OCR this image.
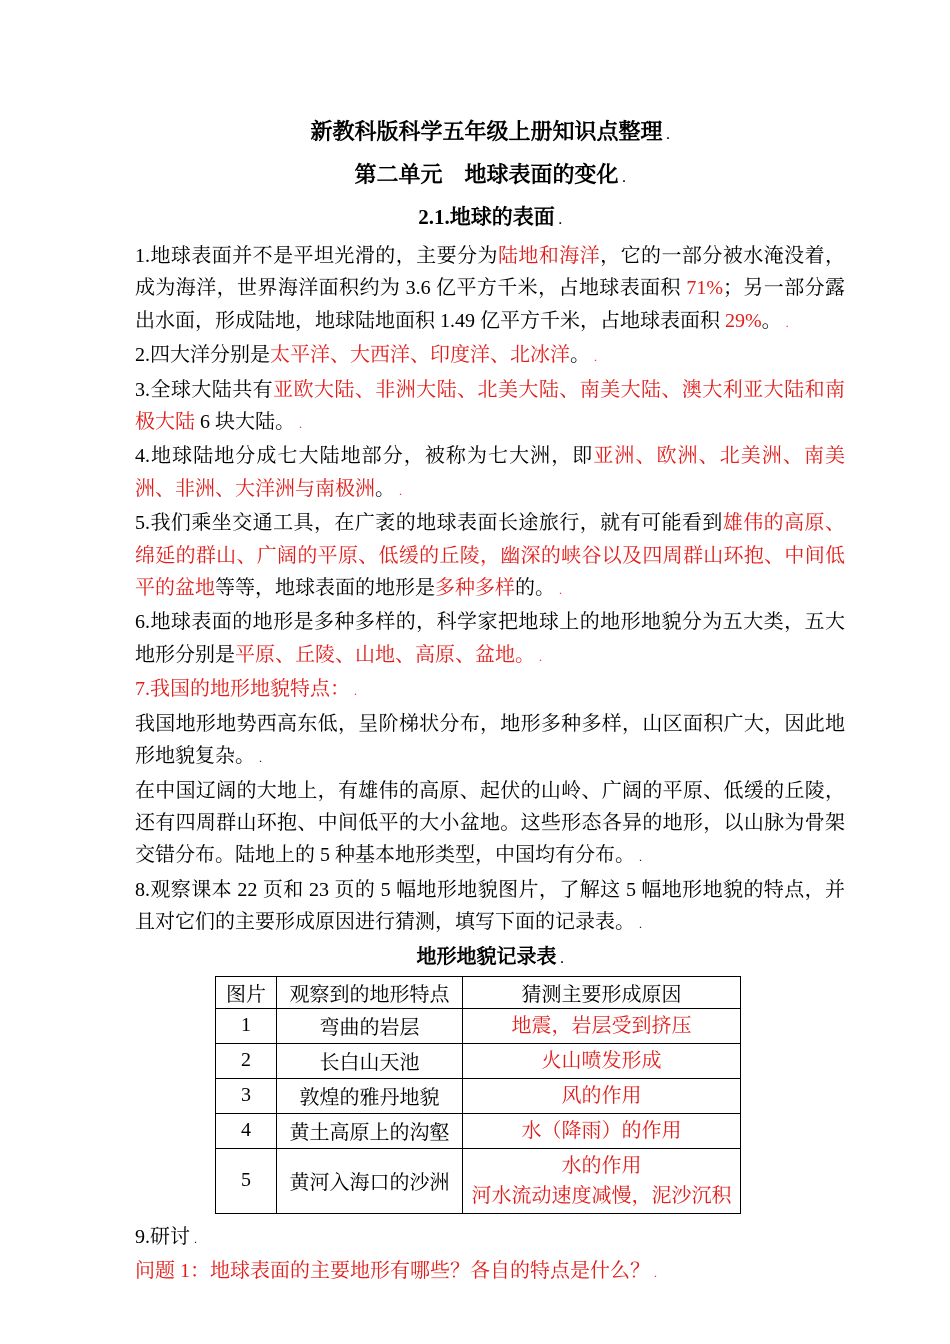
新教科版科学五年级上册知识点整理 .
第二单元　地球表面的变化 .
2.1.地球的表面 .

1.地球表面并不是平坦光滑的，主要分为陆地和海洋，它的一部分被水淹没着，成为海洋，世界海洋面积约为 3.6 亿平方千米，占地球表面积 71%；另一部分露出水面，形成陆地，地球陆地面积 1.49 亿平方千米，占地球表面积 29%。 .

2.四大洋分别是太平洋、大西洋、印度洋、北冰洋。 .

3.全球大陆共有亚欧大陆、非洲大陆、北美大陆、南美大陆、澳大利亚大陆和南极大陆 6 块大陆。 .

4.地球陆地分成七大陆地部分，被称为七大洲，即亚洲、欧洲、北美洲、南美洲、非洲、大洋洲与南极洲。 .

5.我们乘坐交通工具，在广袤的地球表面长途旅行，就有可能看到雄伟的高原、绵延的群山、广阔的平原、低缓的丘陵，幽深的峡谷以及四周群山环抱、中间低平的盆地等等，地球表面的地形是多种多样的。 .

6.地球表面的地形是多种多样的，科学家把地球上的地形地貌分为五大类，五大地形分别是平原、丘陵、山地、高原、盆地。 .

7.我国的地形地貌特点： .

我国地形地势西高东低，呈阶梯状分布，地形多种多样，山区面积广大，因此地形地貌复杂。 .

在中国辽阔的大地上，有雄伟的高原、起伏的山岭、广阔的平原、低缓的丘陵，还有四周群山环抱、中间低平的大小盆地。这些形态各异的地形，以山脉为骨架交错分布。陆地上的 5 种基本地形类型，中国均有分布。 .

8.观察课本 22 页和 23 页的 5 幅地形地貌图片，了解这 5 幅地形地貌的特点，并且对它们的主要形成原因进行猜测，填写下面的记录表。 .

地形地貌记录表 .
图片	观察到的地形特点	猜测主要形成原因
1	弯曲的岩层	地震，岩层受到挤压

2	长白山天池	火山喷发形成

3	敦煌的雅丹地貌	风的作用

4	黄土高原上的沟壑	水（降雨）的作用

5	黄河入海口的沙洲	水的作用
河水流动速度减慢，泥沙沉积

9.研讨 .

问题 1：地球表面的主要地形有哪些？各自的特点是什么？ .
